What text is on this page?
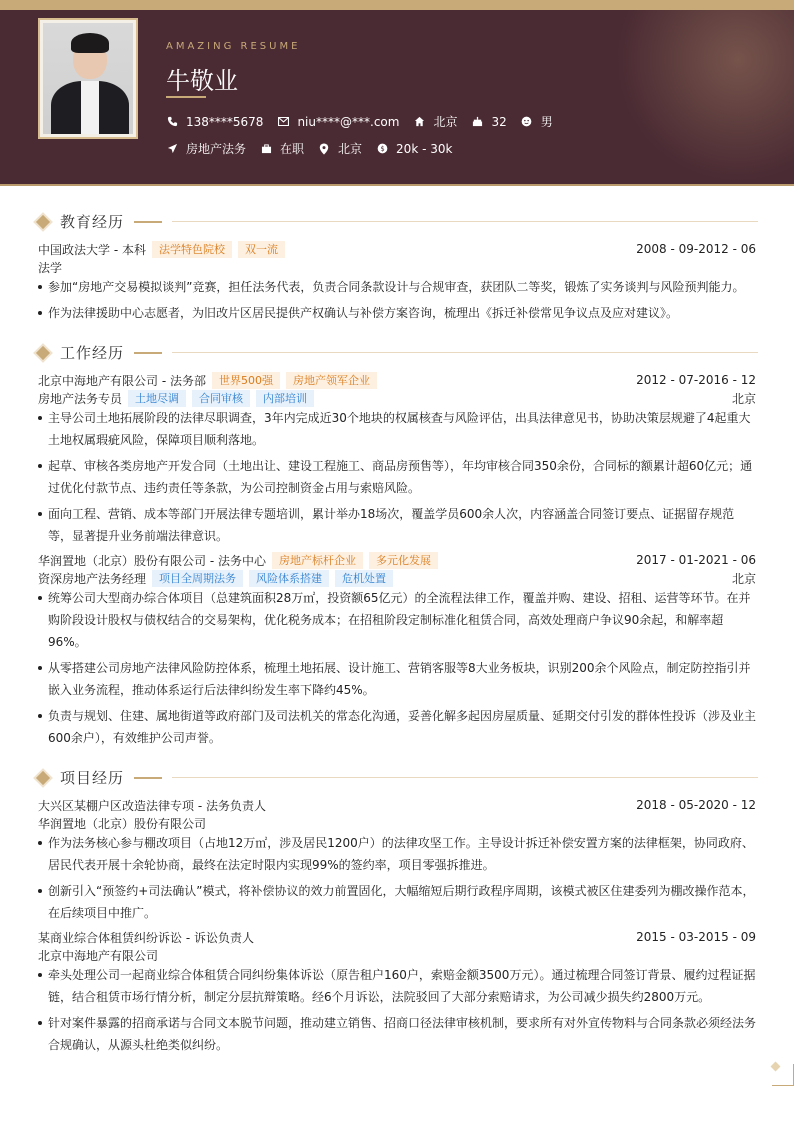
AMAZING RESUME
牛敬业
138****5678	niu****@***.com	北京	32	男
房地产法务	在职	北京 $ 20k - 30k
教育经历
中国政法大学 - 本科	法学特色院校	双一流	2008 - 09-2012 - 06
法学
参加“房地产交易模拟谈判”竞赛，担任法务代表，负责合同条款设计与合规审查，获团队二等奖，锻炼了实务谈判与风险预判能力。
作为法律援助中心志愿者，为旧改片区居民提供产权确认与补偿方案咨询，梳理出《拆迁补偿常见争议点及应对建议》。
工作经历
北京中海地产有限公司 - 法务部	世界500强	房地产领军企业	2012 - 07-2016 - 12
房地产法务专员	土地尽调	合同审核	内部培训	北京
主导公司土地拓展阶段的法律尽职调查，3年内完成近30个地块的权属核查与风险评估，出具法律意见书，协助决策层规避了4起重大土地权属瑕疵风险，保障项目顺利落地。
起草、审核各类房地产开发合同（土地出让、建设工程施工、商品房预售等），年均审核合同350余份，合同标的额累计超60亿元；通过优化付款节点、违约责任等条款，为公司控制资金占用与索赔风险。
面向工程、营销、成本等部门开展法律专题培训，累计举办18场次，覆盖学员600余人次，内容涵盖合同签订要点、证据留存规范等，显著提升业务前端法律意识。
华润置地（北京）股份有限公司 - 法务中心	房地产标杆企业	多元化发展	2017 - 01-2021 - 06
资深房地产法务经理	项目全周期法务	风险体系搭建	危机处置	北京
统筹公司大型商办综合体项目（总建筑面积28万㎡，投资额65亿元）的全流程法律工作，覆盖并购、建设、招租、运营等环节。在并购阶段设计股权与债权结合的交易架构，优化税务成本；在招租阶段定制标准化租赁合同，高效处理商户争议90余起，和解率超96%。
从零搭建公司房地产法律风险防控体系，梳理土地拓展、设计施工、营销客服等8大业务板块，识别200余个风险点，制定防控指引并嵌入业务流程，推动体系运行后法律纠纷发生率下降约45%。
负责与规划、住建、属地街道等政府部门及司法机关的常态化沟通，妥善化解多起因房屋质量、延期交付引发的群体性投诉（涉及业主600余户），有效维护公司声誉。
项目经历
大兴区某棚户区改造法律专项 - 法务负责人	2018 - 05-2020 - 12
华润置地（北京）股份有限公司
作为法务核心参与棚改项目（占地12万㎡，涉及居民1200户）的法律攻坚工作。主导设计拆迁补偿安置方案的法律框架，协同政府、居民代表开展十余轮协商，最终在法定时限内实现99%的签约率，项目零强拆推进。
创新引入“预签约+司法确认”模式，将补偿协议的效力前置固化，大幅缩短后期行政程序周期，该模式被区住建委列为棚改操作范本，在后续项目中推广。
某商业综合体租赁纠纷诉讼 - 诉讼负责人	2015 - 03-2015 - 09
北京中海地产有限公司
牵头处理公司一起商业综合体租赁合同纠纷集体诉讼（原告租户160户，索赔金额3500万元）。通过梳理合同签订背景、履约过程证据链，结合租赁市场行情分析，制定分层抗辩策略。经6个月诉讼，法院驳回了大部分索赔请求，为公司减少损失约2800万元。
针对案件暴露的招商承诺与合同文本脱节问题，推动建立销售、招商口径法律审核机制，要求所有对外宣传物料与合同条款必须经法务合规确认，从源头杜绝类似纠纷。
